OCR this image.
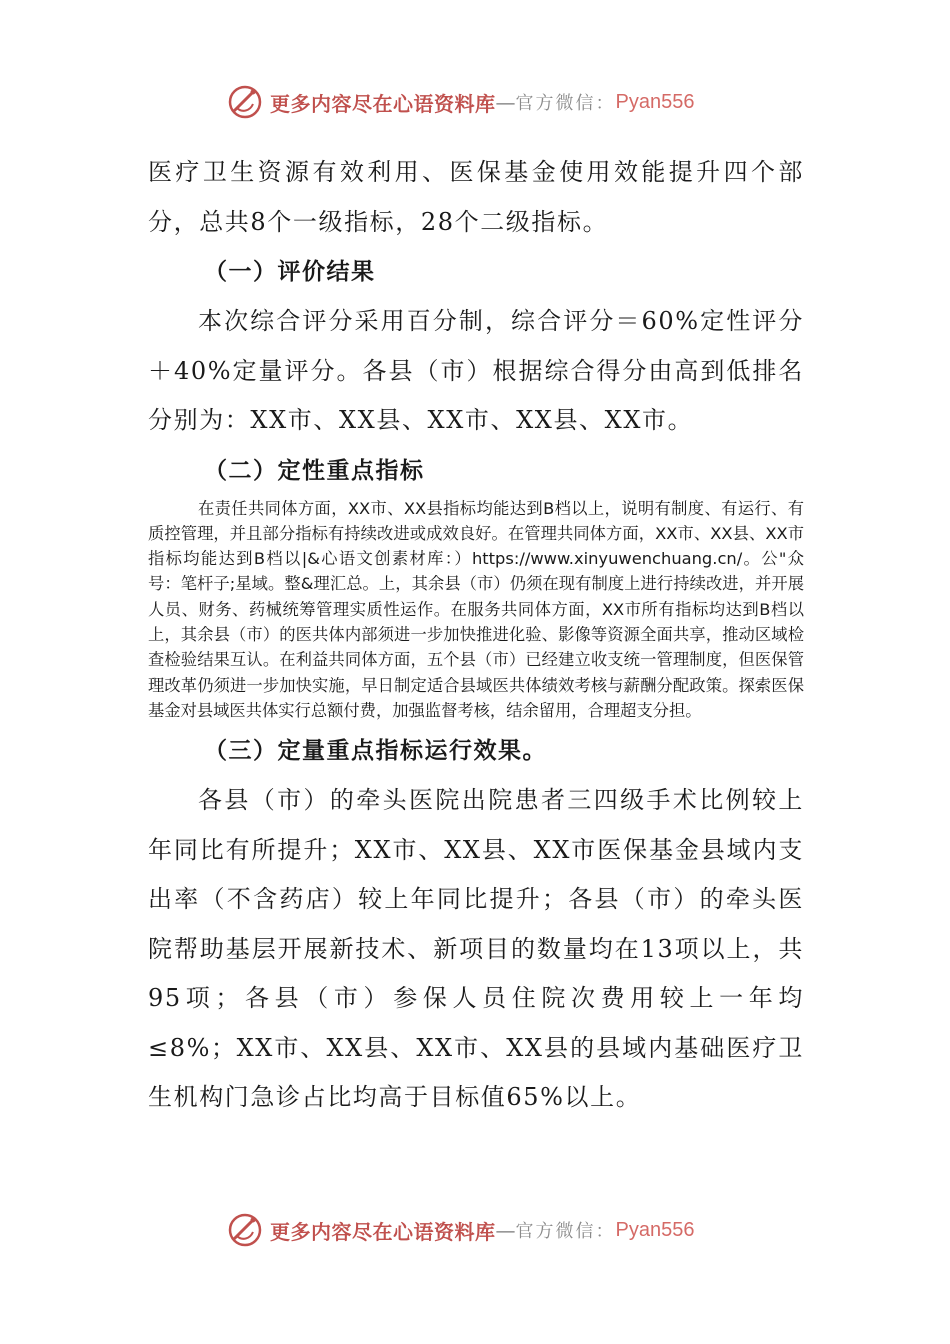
更多内容尽在心语资料库 — 官方微信： Pyan556

医疗卫生资源有效利用、医保基金使用效能提升四个部分，总共8个一级指标，28个二级指标。

（一）评价结果

本次综合评分采用百分制，综合评分＝60%定性评分＋40%定量评分。各县（市）根据综合得分由高到低排名分别为：XX市、XX县、XX市、XX县、XX市。

（二）定性重点指标

在责任共同体方面，XX市、XX县指标均能达到B档以上，说明有制度、有运行、有质控管理，并且部分指标有持续改进或成效良好。在管理共同体方面，XX市、XX县、XX市指标均能达到B档以|&心语文创素材库：）https://www.xinyuwenchuang.cn/。公"众号：笔杆子;星域。整&理汇总。上，其余县（市）仍须在现有制度上进行持续改进，并开展人员、财务、药械统筹管理实质性运作。在服务共同体方面，XX市所有指标均达到B档以上，其余县（市）的医共体内部须进一步加快推进化验、影像等资源全面共享，推动区域检查检验结果互认。在利益共同体方面，五个县（市）已经建立收支统一管理制度，但医保管理改革仍须进一步加快实施，早日制定适合县域医共体绩效考核与薪酬分配政策。探索医保基金对县域医共体实行总额付费，加强监督考核，结余留用，合理超支分担。

（三）定量重点指标运行效果。

各县（市）的牵头医院出院患者三四级手术比例较上年同比有所提升；XX市、XX县、XX市医保基金县域内支出率（不含药店）较上年同比提升；各县（市）的牵头医院帮助基层开展新技术、新项目的数量均在13项以上，共95项；各县（市）参保人员住院次费用较上一年均≤8%；XX市、XX县、XX市、XX县的县域内基础医疗卫生机构门急诊占比均高于目标值65%以上。

更多内容尽在心语资料库 — 官方微信： Pyan556
